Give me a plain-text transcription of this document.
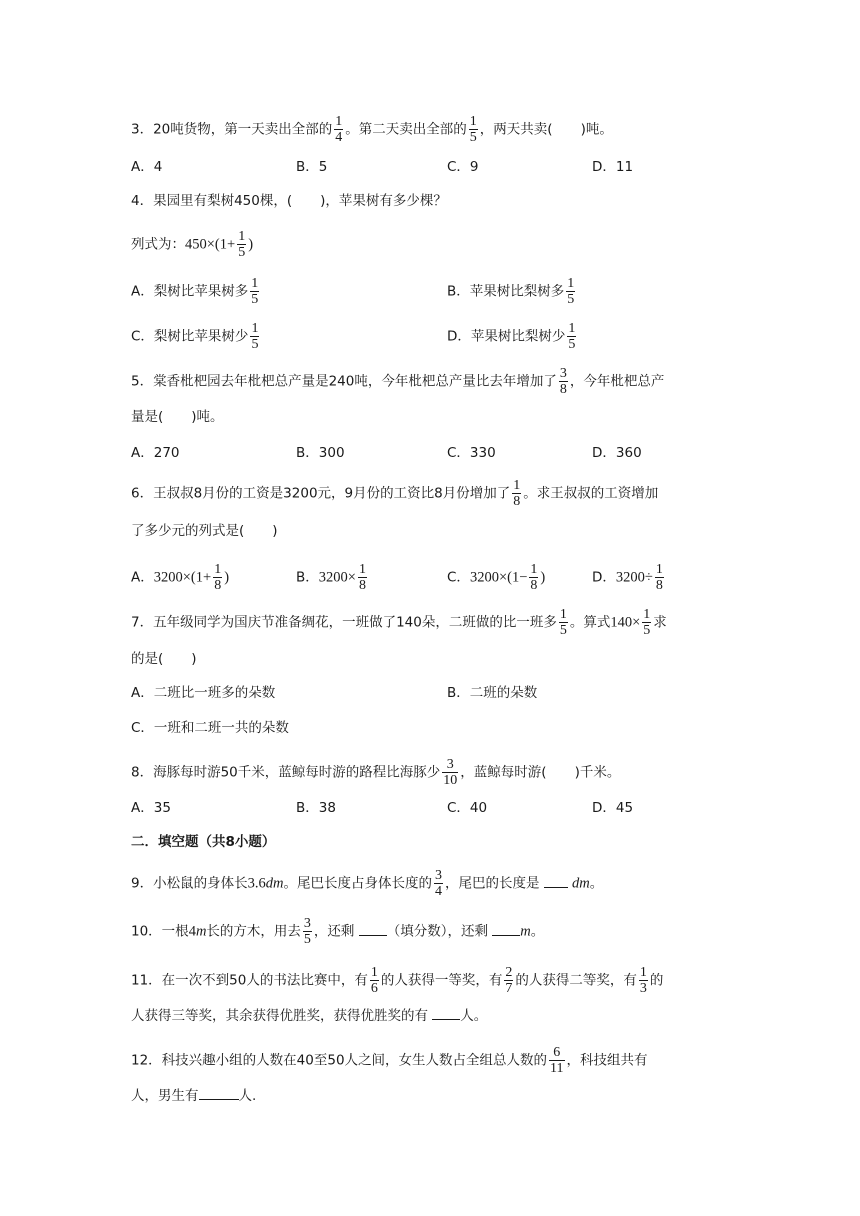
3．20吨货物，第一天卖出全部的 $\frac{1}{4}$ 。第二天卖出全部的 $\frac{1}{5}$ ，两天共卖( )吨。
A．4	B．5	C．9	D．11
4．果园里有梨树450棵，( )，苹果树有多少棵？
列式为：$450\times(1+ \frac{1}{5}$ )
A．梨树比苹果树多 $\frac{1}{5}$	B．苹果树比梨树多 $\frac{1}{5}$
C．梨树比苹果树少 $\frac{1}{5}$	D．苹果树比梨树少 $\frac{1}{5}$
5．棠香枇杷园去年枇杷总产量是240吨，今年枇杷总产量比去年增加了 $\frac{3}{8}$ ，今年枇杷总产
量是( )吨。
A．270	B．300	C．330	D．360
6．王叔叔8月份的工资是3200元，9月份的工资比8月份增加了 $\frac{1}{8}$ 。求王叔叔的工资增加
了多少元的列式是( )
A．$3200\times(1+ \frac{1}{8}$ )	B．$3200\times \frac{1}{8}$	C．$3200\times(1- \frac{1}{8}$ )	D．$3200\div \frac{1}{8}$
7．五年级同学为国庆节准备绸花，一班做了140朵，二班做的比一班多 $\frac{1}{5}$ 。算式$140\times \frac{1}{5}$ 求
的是( )
A．二班比一班多的朵数	B．二班的朵数
C．一班和二班一共的朵数
8．海豚每时游50千米，蓝鲸每时游的路程比海豚少 $\frac{3}{10}$ ，蓝鲸每时游( )千米。
A．35	B．38	C．40	D．45
二．填空题（共8小题）
9．小松鼠的身体长3.6dm。尾巴长度占身体长度的 $\frac{3}{4}$ ，尾巴的长度是 dm。
10．一根4m长的方木，用去 $\frac{3}{5}$ ，还剩 （填分数），还剩 m。
11．在一次不到50人的书法比赛中，有 $\frac{1}{6}$ 的人获得一等奖，有 $\frac{2}{7}$ 的人获得二等奖，有 $\frac{1}{3}$ 的
人获得三等奖，其余获得优胜奖，获得优胜奖的有 人。
12．科技兴趣小组的人数在40至50人之间，女生人数占全组总人数的 $\frac{6}{11}$ ，科技组共有
人，男生有	人.
